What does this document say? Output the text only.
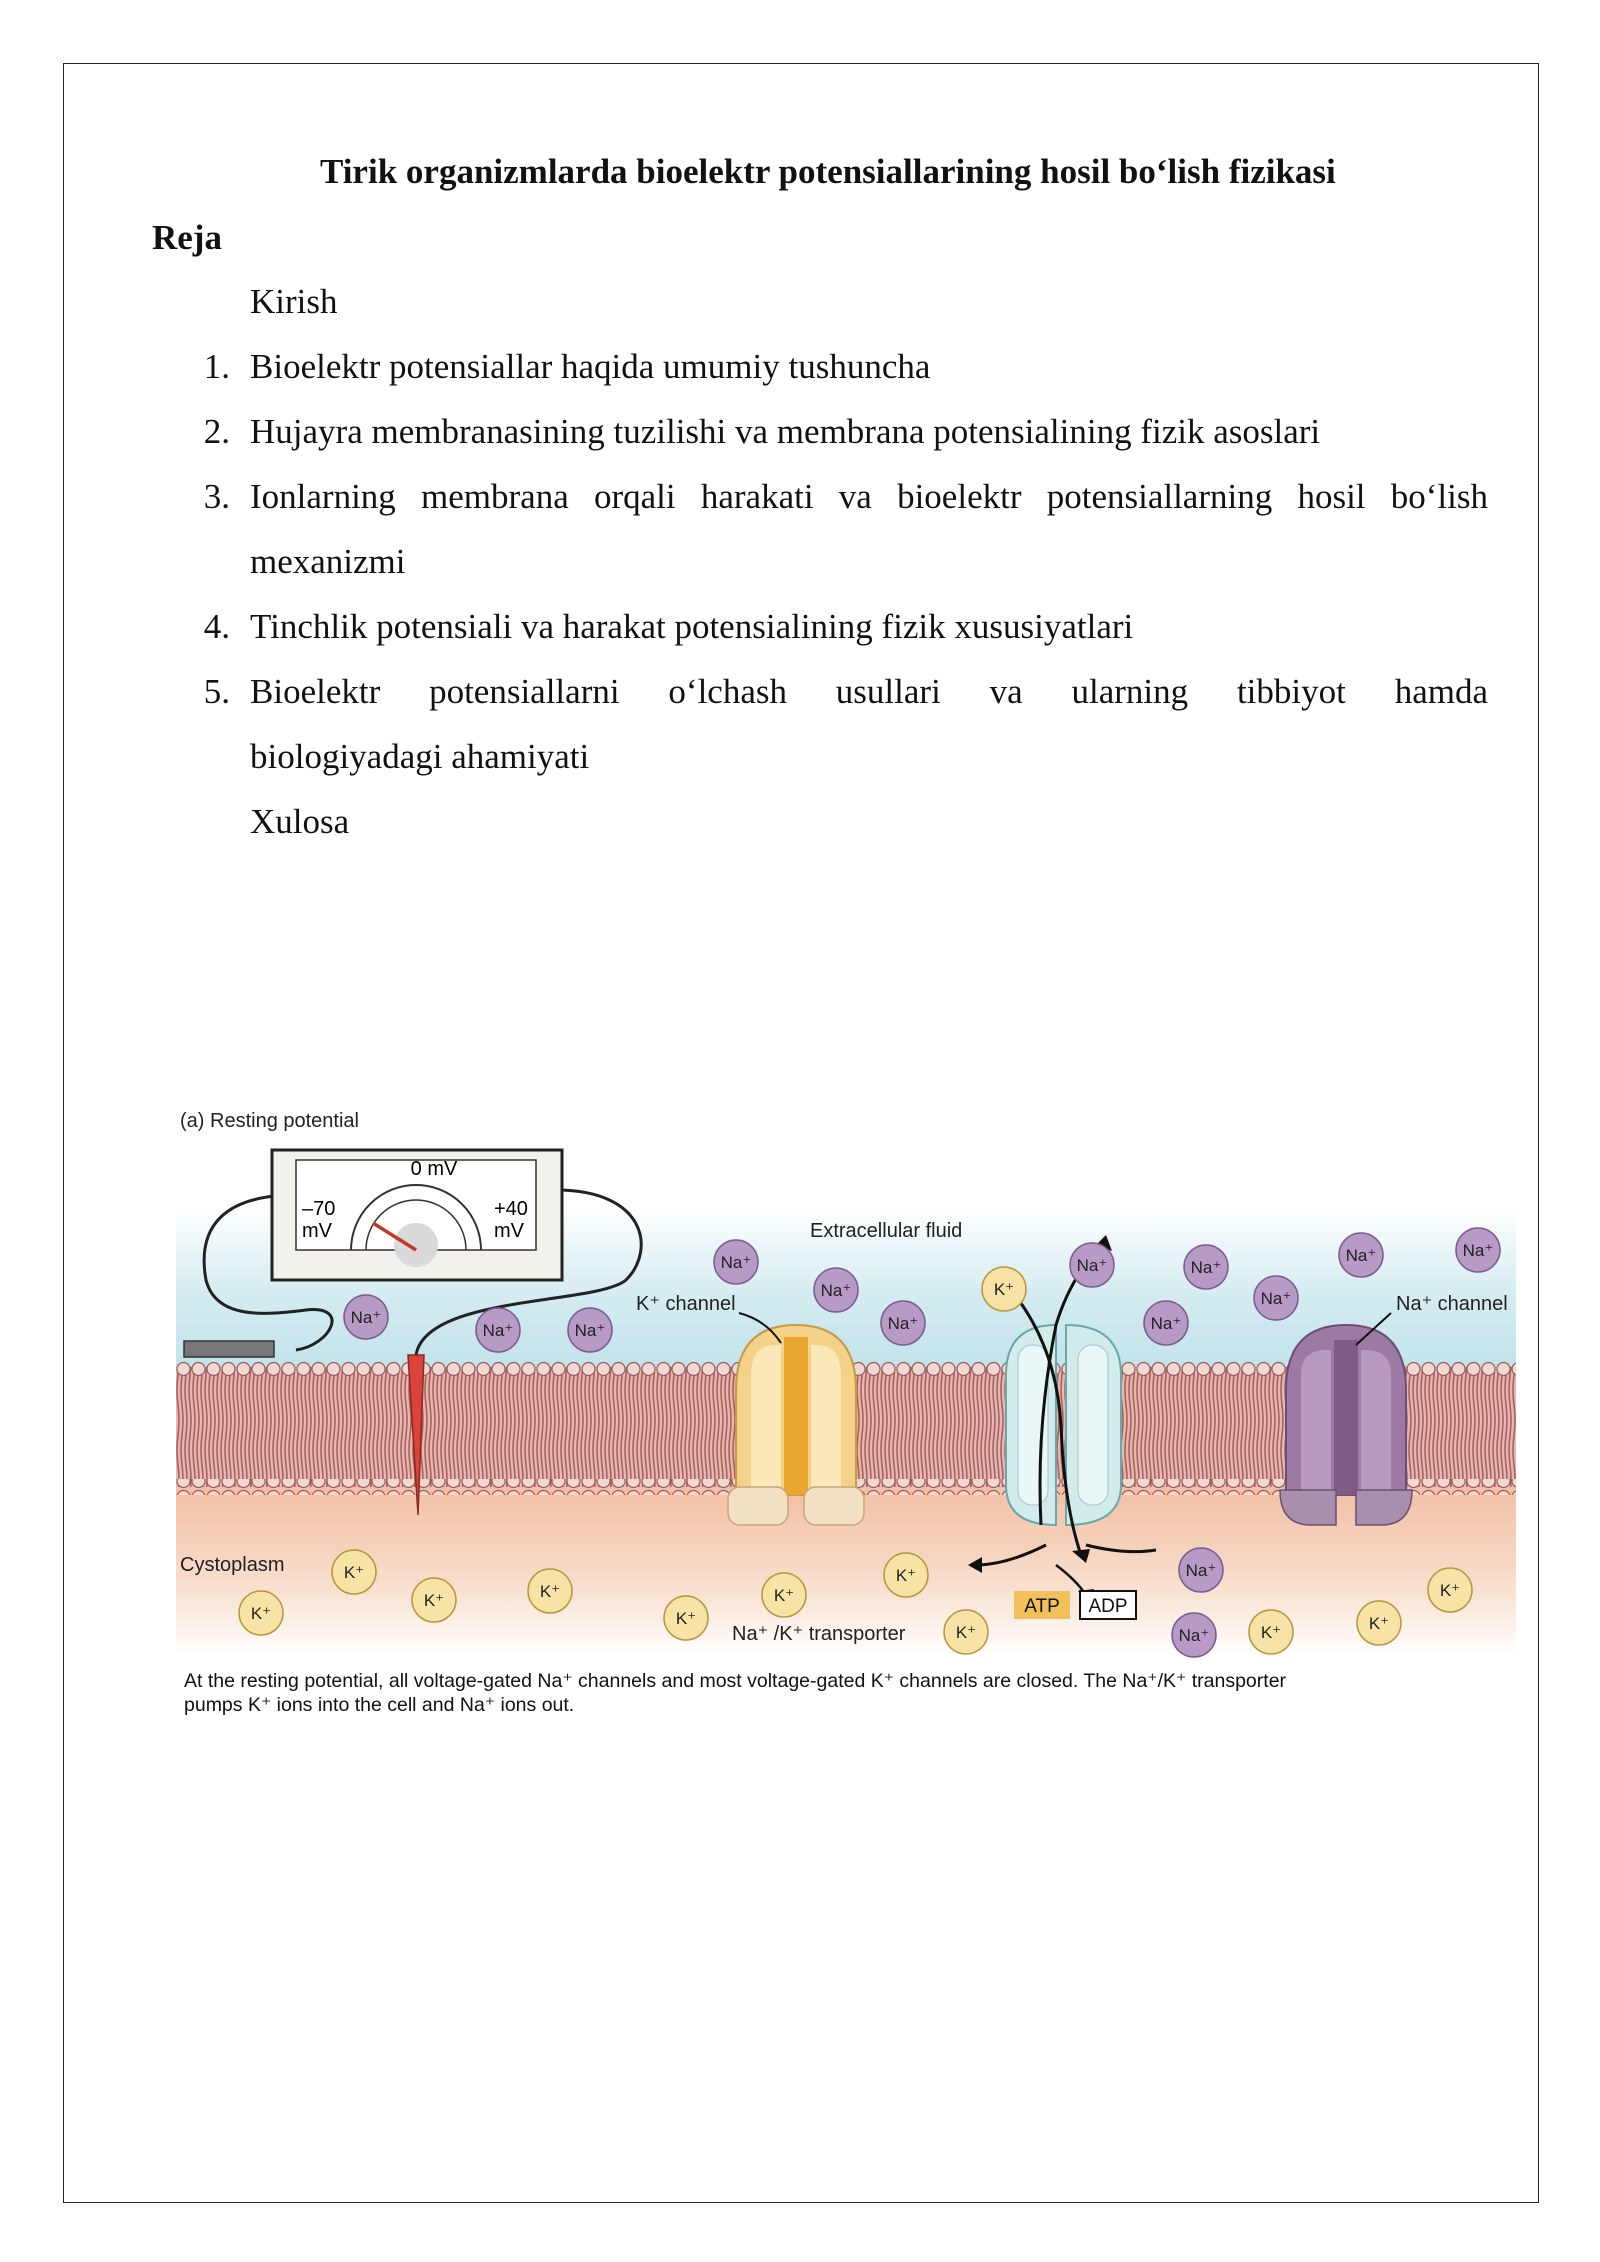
Tirik organizmlarda bioelektr potensiallarining hosil bo‘lish fizikasi
Reja
Kirish
1. Bioelektr potensiallar haqida umumiy tushuncha
2. Hujayra membranasining tuzilishi va membrana potensialining fizik asoslari
3. Ionlarning membrana orqali harakati va bioelektr potensiallarning hosil bo‘lish
mexanizmi
4. Tinchlik potensiali va harakat potensialining fizik xususiyatlari
5. Bioelektr potensiallarni o‘lchash usullari va ularning tibbiyot hamda
biologiyadagi ahamiyati
Xulosa
(a) Resting potential
0 mV
–70
mV
+40
mV
ATP ADP
Extracellular fluid
Cystoplasm
K⁺ channel	Na⁺ channel
Na⁺ /K⁺ transporter
Na⁺
Na⁺	Na⁺
Na⁺
Na⁺
Na⁺
Na⁺	Na⁺
Na⁺
Na⁺
Na⁺	Na⁺
Na⁺
Na⁺
K⁺
K⁺
K⁺	K⁺
K⁺
K⁺
K⁺
K⁺
K⁺
K⁺	K⁺
K⁺
At the resting potential, all voltage-gated Na⁺ channels and most voltage-gated K⁺ channels are closed. The Na⁺/K⁺ transporter
pumps K⁺ ions into the cell and Na⁺ ions out.
